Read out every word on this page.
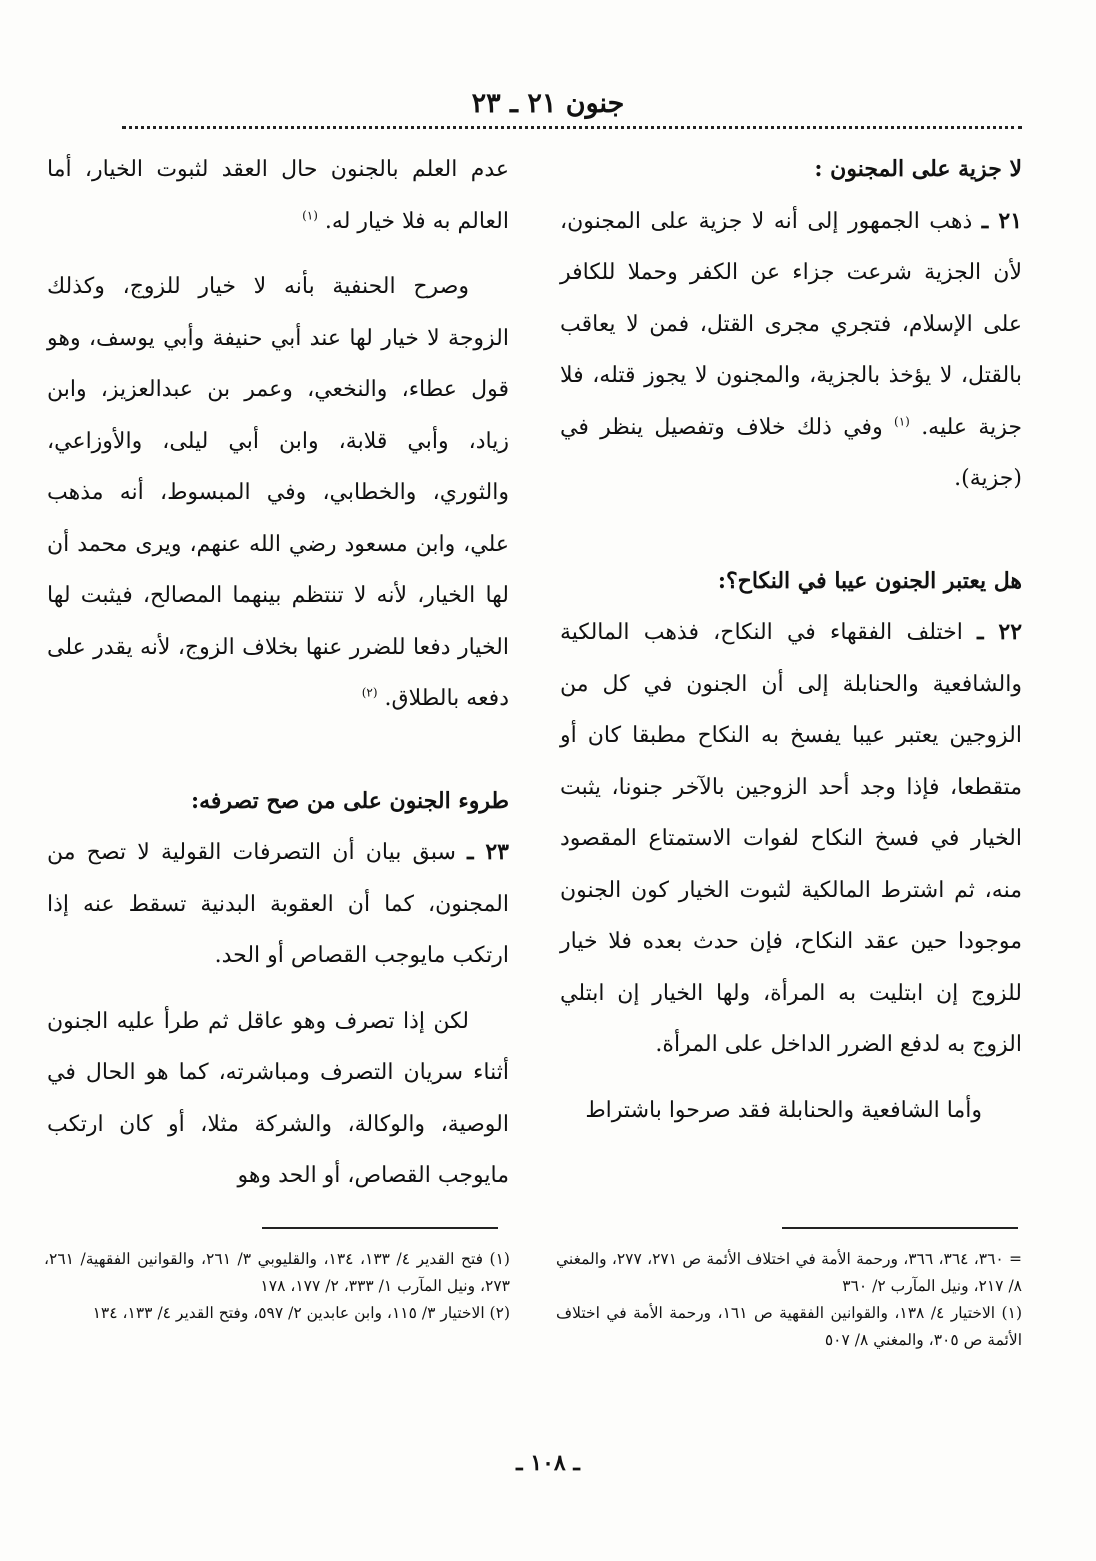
جنون ٢١ ـ ٢٣
لا جزية على المجنون :
٢١ ـ ذهب الجمهور إلى أنه لا جزية على المجنون، لأن الجزية شرعت جزاء عن الكفر وحملا للكافر على الإسلام، فتجري مجرى القتل، فمن لا يعاقب بالقتل، لا يؤخذ بالجزية، والمجنون لا يجوز قتله، فلا جزية عليه. $^{(١)}$ وفي ذلك خلاف وتفصيل ينظر في (جزية).
هل يعتبر الجنون عيبا في النكاح؟:
٢٢ ـ اختلف الفقهاء في النكاح، فذهب المالكية والشافعية والحنابلة إلى أن الجنون في كل من الزوجين يعتبر عيبا يفسخ به النكاح مطبقا كان أو متقطعا، فإذا وجد أحد الزوجين بالآخر جنونا، يثبت الخيار في فسخ النكاح لفوات الاستمتاع المقصود منه، ثم اشترط المالكية لثبوت الخيار كون الجنون موجودا حين عقد النكاح، فإن حدث بعده فلا خيار للزوج إن ابتليت به المرأة، ولها الخيار إن ابتلي الزوج به لدفع الضرر الداخل على المرأة.
وأما الشافعية والحنابلة فقد صرحوا باشتراط
عدم العلم بالجنون حال العقد لثبوت الخيار، أما العالم به فلا خيار له. $^{(١)}$
وصرح الحنفية بأنه لا خيار للزوج، وكذلك الزوجة لا خيار لها عند أبي حنيفة وأبي يوسف، وهو قول عطاء، والنخعي، وعمر بن عبدالعزيز، وابن زياد، وأبي قلابة، وابن أبي ليلى، والأوزاعي، والثوري، والخطابي، وفي المبسوط، أنه مذهب علي، وابن مسعود رضي الله عنهم، ويرى محمد أن لها الخيار، لأنه لا تنتظم بينهما المصالح، فيثبت لها الخيار دفعا للضرر عنها بخلاف الزوج، لأنه يقدر على دفعه بالطلاق. $^{(٢)}$
طروء الجنون على من صح تصرفه:
٢٣ ـ سبق بيان أن التصرفات القولية لا تصح من المجنون، كما أن العقوبة البدنية تسقط عنه إذا ارتكب مايوجب القصاص أو الحد.
لكن إذا تصرف وهو عاقل ثم طرأ عليه الجنون أثناء سريان التصرف ومباشرته، كما هو الحال في الوصية، والوكالة، والشركة مثلا، أو كان ارتكب مايوجب القصاص، أو الحد وهو
= ٣٦٠، ٣٦٤، ٣٦٦، ورحمة الأمة في اختلاف الأئمة ص ٢٧١، ٢٧٧، والمغني ٨/ ٢١٧، ونيل المآرب ٢/ ٣٦٠
(١) الاختيار ٤/ ١٣٨، والقوانين الفقهية ص ١٦١، ورحمة الأمة في اختلاف الأئمة ص ٣٠٥، والمغني ٨/ ٥٠٧
(١) فتح القدير ٤/ ١٣٣، ١٣٤، والقليوبي ٣/ ٢٦١، والقوانين الفقهية/ ٢٦١، ٢٧٣، ونيل المآرب ١/ ٣٣٣، ٢/ ١٧٧، ١٧٨
(٢) الاختيار ٣/ ١١٥، وابن عابدين ٢/ ٥٩٧، وفتح القدير ٤/ ١٣٣، ١٣٤
ـ ١٠٨ ـ
